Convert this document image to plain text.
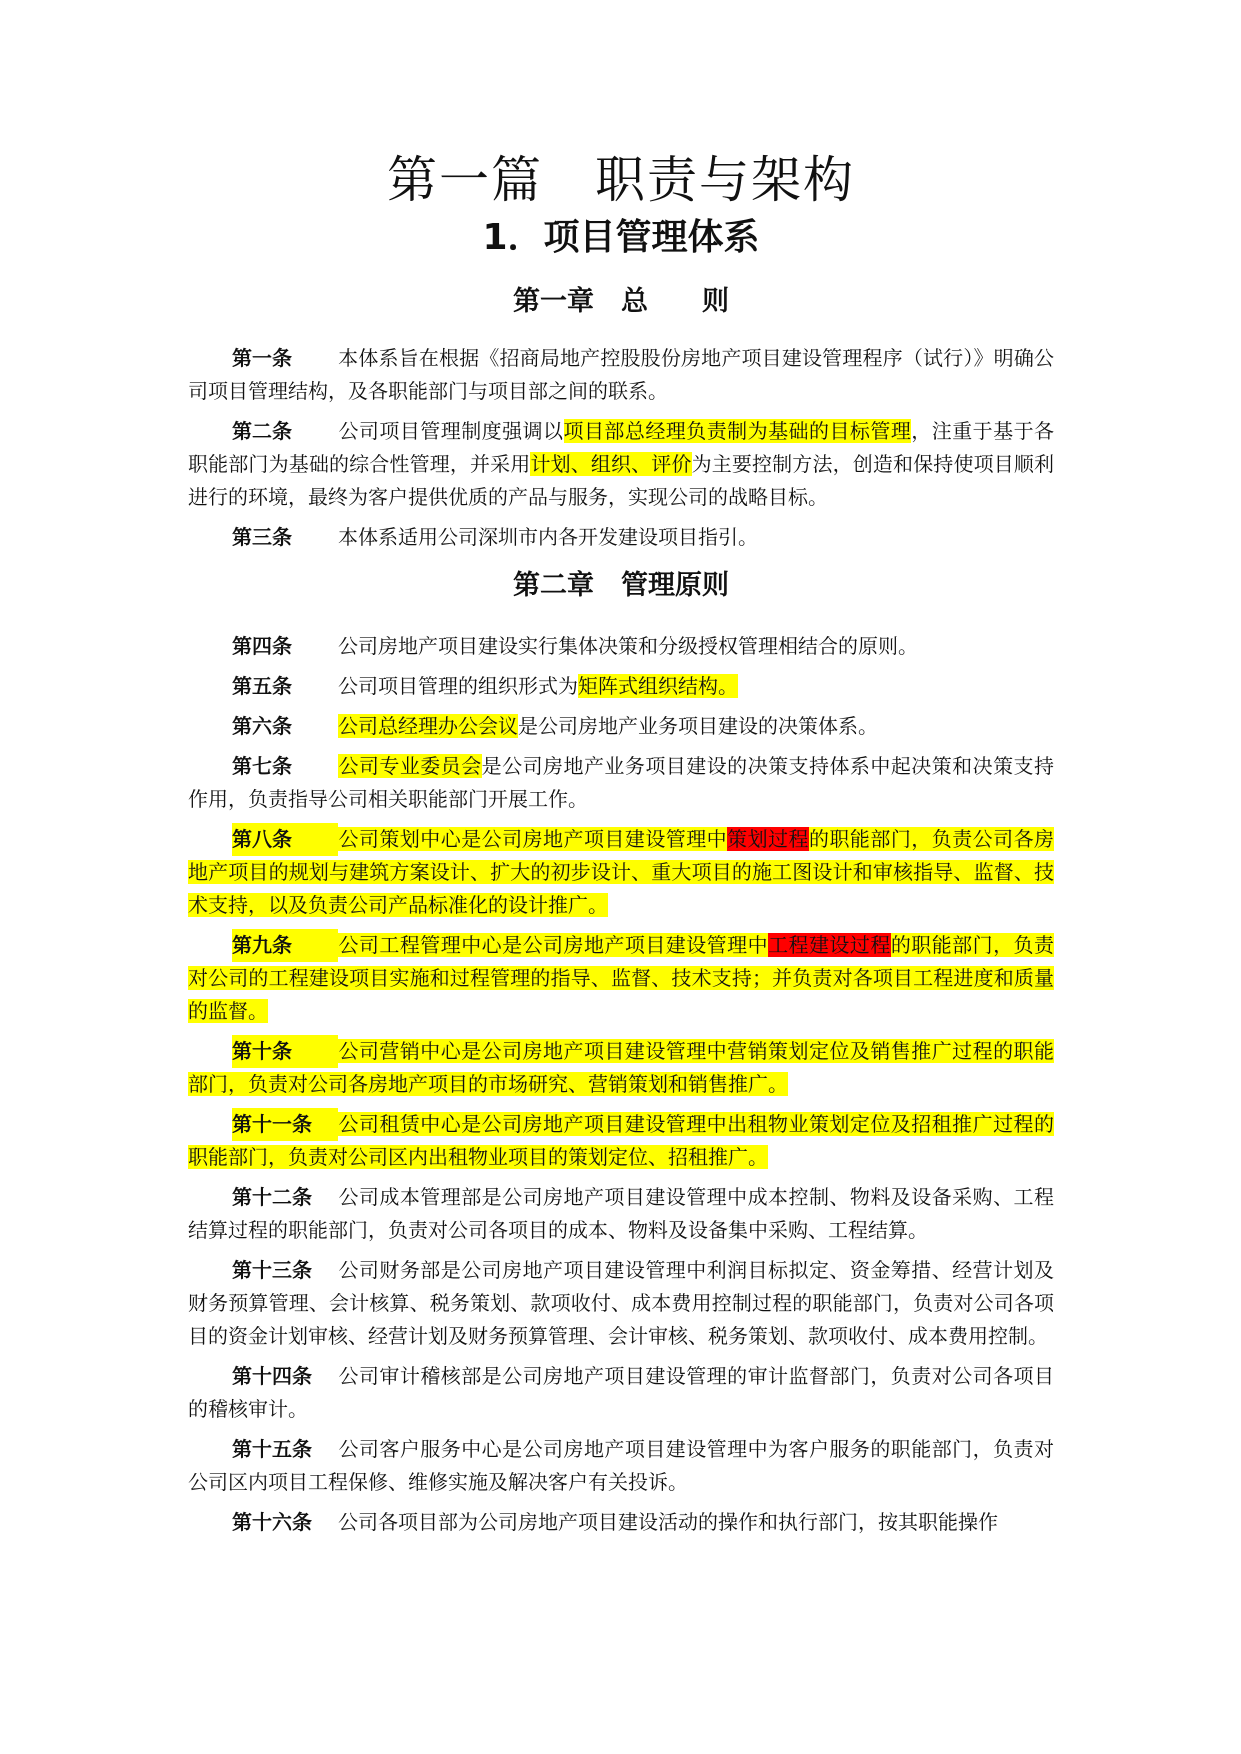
第一篇　职责与架构
1．项目管理体系
第一章　总　　则

第一条 本体系旨在根据《招商局地产控股股份房地产项目建设管理程序（试行）》明确公司项目管理结构，及各职能部门与项目部之间的联系。

第二条 公司项目管理制度强调以项目部总经理负责制为基础的目标管理，注重于基于各职能部门为基础的综合性管理，并采用计划、组织、评价为主要控制方法，创造和保持使项目顺利进行的环境，最终为客户提供优质的产品与服务，实现公司的战略目标。

第三条 本体系适用公司深圳市内各开发建设项目指引。

第二章　管理原则

第四条 公司房地产项目建设实行集体决策和分级授权管理相结合的原则。

第五条 公司项目管理的组织形式为矩阵式组织结构。

第六条 公司总经理办公会议是公司房地产业务项目建设的决策体系。

第七条 公司专业委员会是公司房地产业务项目建设的决策支持体系中起决策和决策支持作用，负责指导公司相关职能部门开展工作。

第八条 公司策划中心是公司房地产项目建设管理中策划过程的职能部门，负责公司各房地产项目的规划与建筑方案设计、扩大的初步设计、重大项目的施工图设计和审核指导、监督、技术支持，以及负责公司产品标准化的设计推广。

第九条 公司工程管理中心是公司房地产项目建设管理中工程建设过程的职能部门，负责对公司的工程建设项目实施和过程管理的指导、监督、技术支持；并负责对各项目工程进度和质量的监督。

第十条 公司营销中心是公司房地产项目建设管理中营销策划定位及销售推广过程的职能部门，负责对公司各房地产项目的市场研究、营销策划和销售推广。

第十一条 公司租赁中心是公司房地产项目建设管理中出租物业策划定位及招租推广过程的职能部门，负责对公司区内出租物业项目的策划定位、招租推广。

第十二条 公司成本管理部是公司房地产项目建设管理中成本控制、物料及设备采购、工程结算过程的职能部门，负责对公司各项目的成本、物料及设备集中采购、工程结算。

第十三条 公司财务部是公司房地产项目建设管理中利润目标拟定、资金筹措、经营计划及财务预算管理、会计核算、税务策划、款项收付、成本费用控制过程的职能部门，负责对公司各项目的资金计划审核、经营计划及财务预算管理、会计审核、税务策划、款项收付、成本费用控制。

第十四条 公司审计稽核部是公司房地产项目建设管理的审计监督部门，负责对公司各项目的稽核审计。

第十五条 公司客户服务中心是公司房地产项目建设管理中为客户服务的职能部门，负责对公司区内项目工程保修、维修实施及解决客户有关投诉。

第十六条 公司各项目部为公司房地产项目建设活动的操作和执行部门，按其职能操作
